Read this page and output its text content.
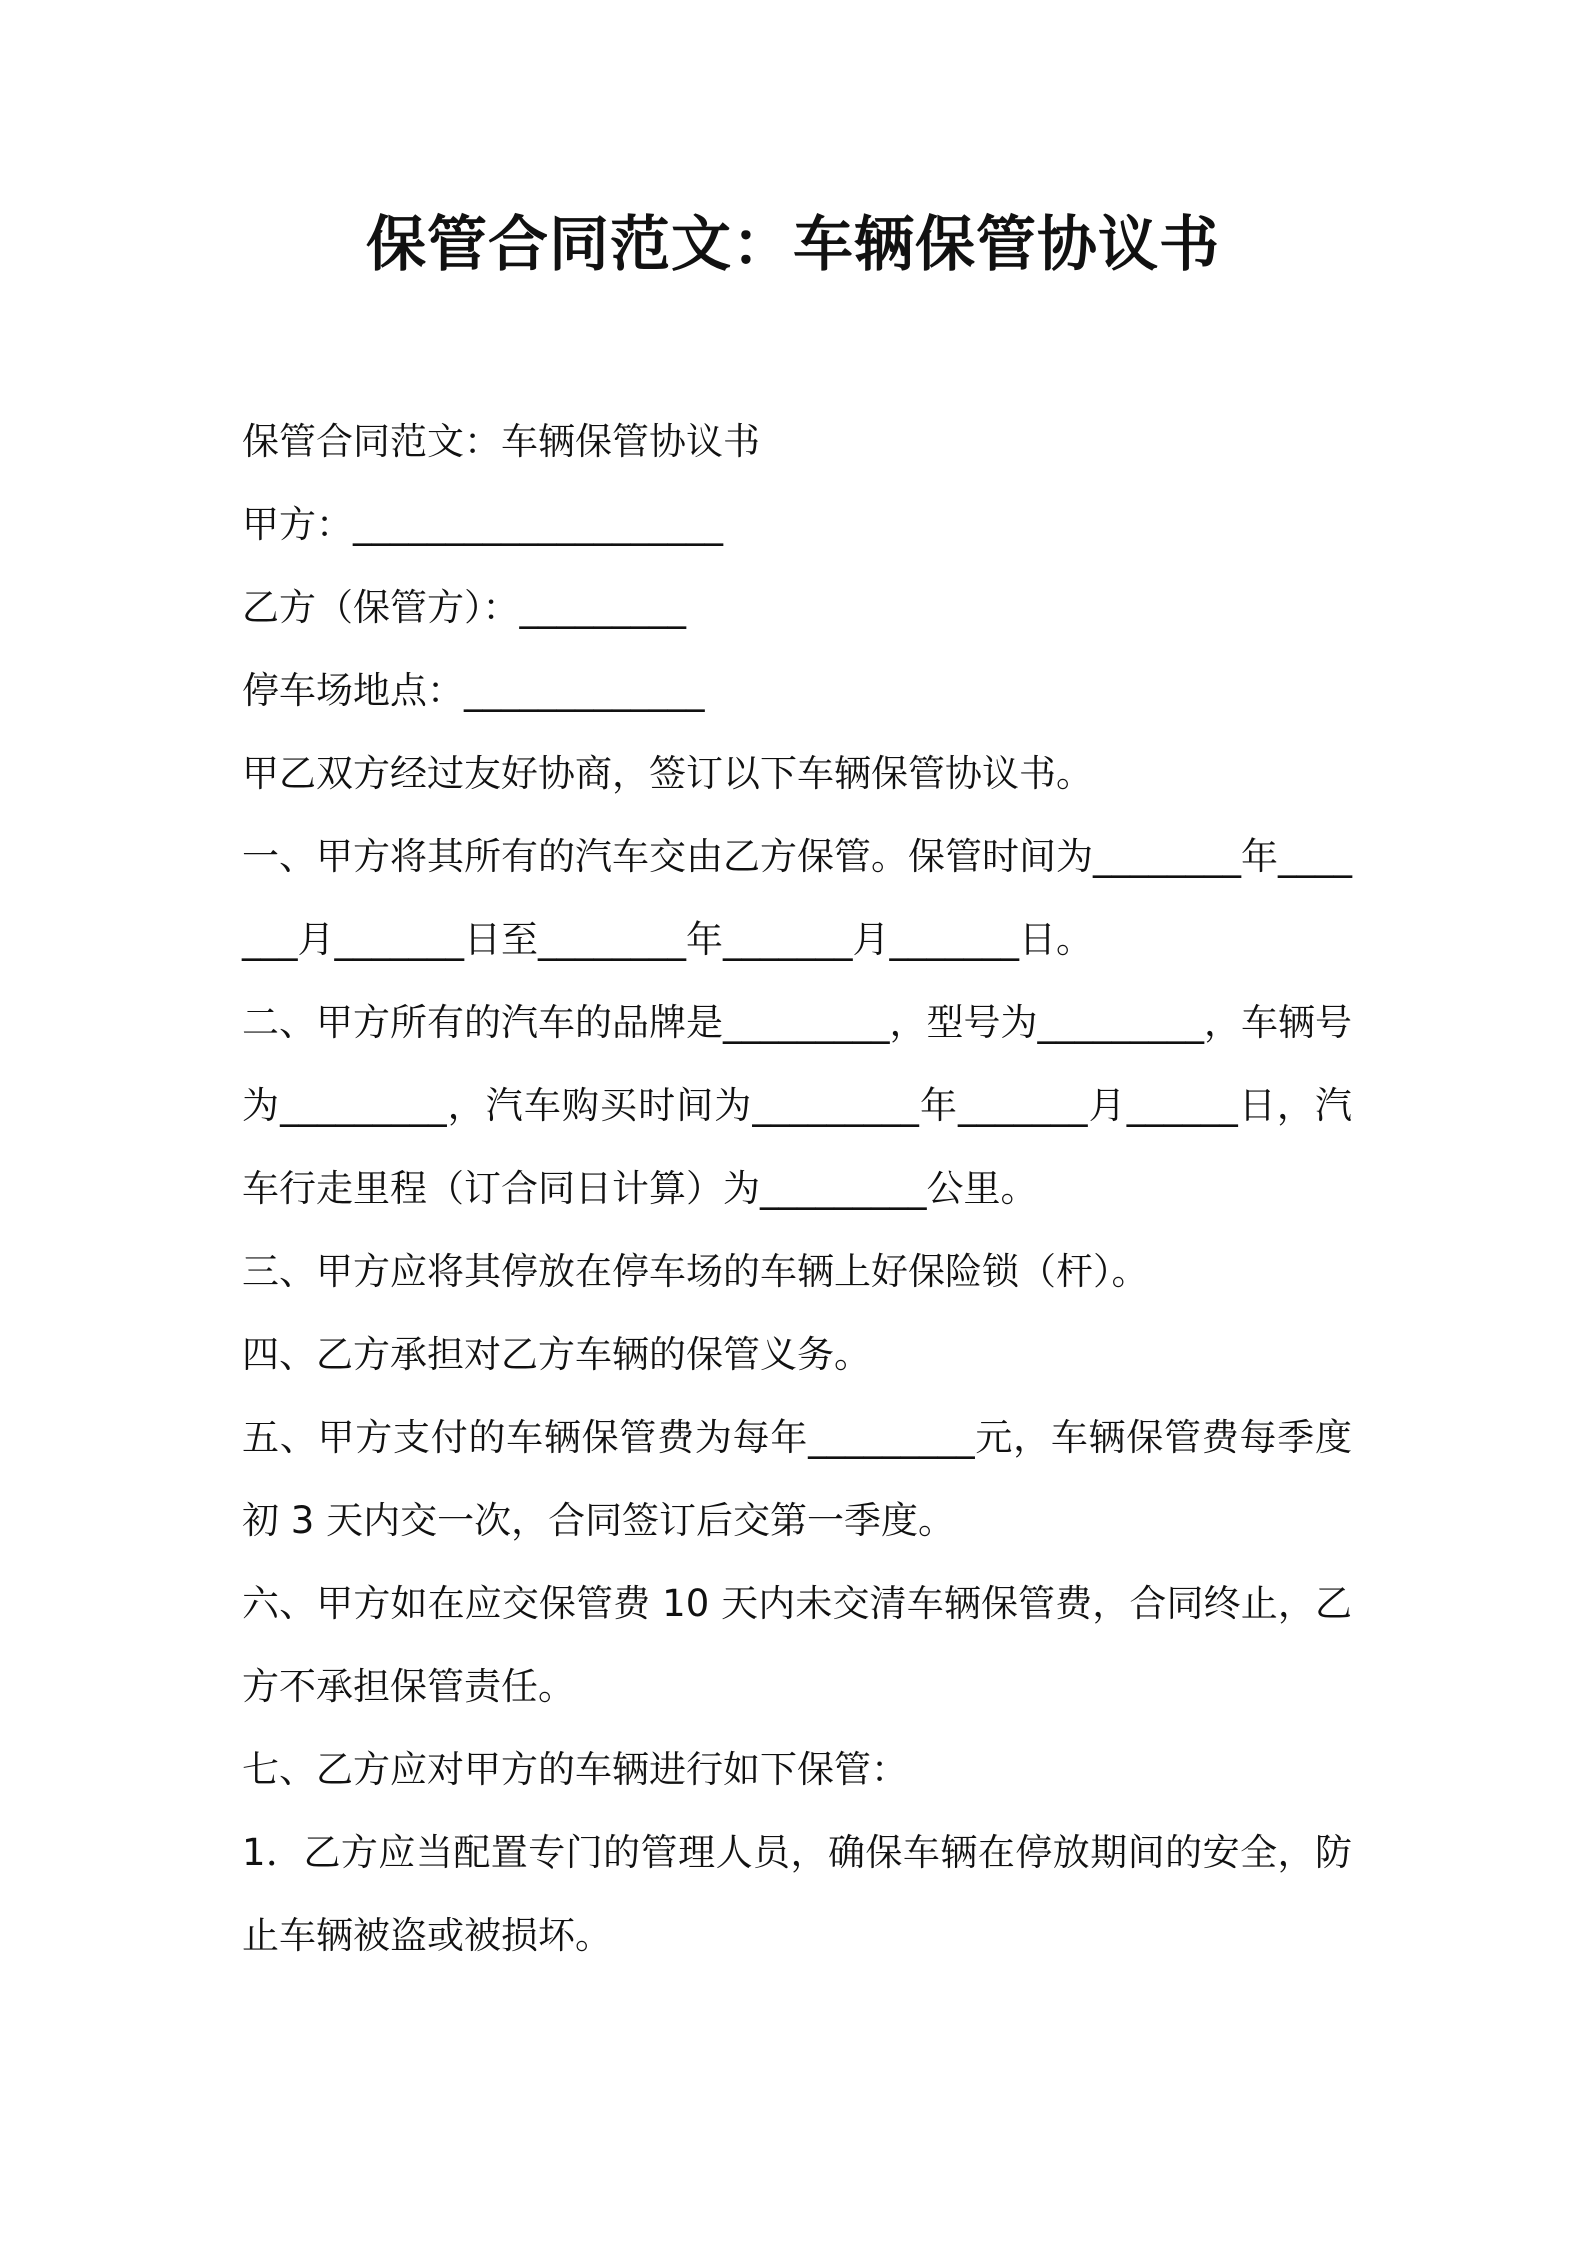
保管合同范文：车辆保管协议书

保管合同范文：车辆保管协议书

甲方：____________________

乙方（保管方）：_________

停车场地点：_____________

甲乙双方经过友好协商，签订以下车辆保管协议书。

一、甲方将其所有的汽车交由乙方保管。保管时间为________年_______月_______日至________年_______月_______日。

二、甲方所有的汽车的品牌是_________，型号为_________，车辆号为_________，汽车购买时间为_________年_______月______日，汽车行走里程（订合同日计算）为_________公里。

三、甲方应将其停放在停车场的车辆上好保险锁（杆）。

四、乙方承担对乙方车辆的保管义务。

五、甲方支付的车辆保管费为每年_________元，车辆保管费每季度初 3 天内交一次，合同签订后交第一季度。

六、甲方如在应交保管费 10 天内未交清车辆保管费，合同终止，乙方不承担保管责任。

七、乙方应对甲方的车辆进行如下保管：

1．乙方应当配置专门的管理人员，确保车辆在停放期间的安全，防止车辆被盗或被损坏。
